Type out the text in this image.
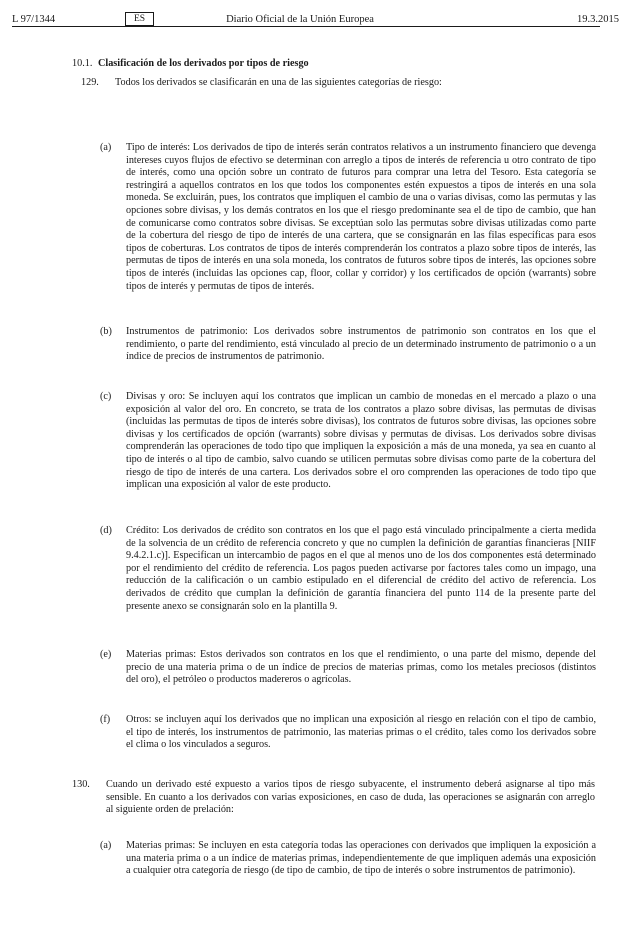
L 97/1344	ES	Diario Oficial de la Unión Europea	19.3.2015
10.1. Clasificación de los derivados por tipos de riesgo
129. Todos los derivados se clasificarán en una de las siguientes categorías de riesgo:
(a) Tipo de interés: Los derivados de tipo de interés serán contratos relativos a un instrumento financiero que devenga intereses cuyos flujos de efectivo se determinan con arreglo a tipos de interés de referencia u otro contrato de tipo de interés, como una opción sobre un contrato de futuros para comprar una letra del Tesoro. Esta categoría se restringirá a aquellos contratos en los que todos los componentes estén expuestos a tipos de interés en una sola moneda. Se excluirán, pues, los contratos que impliquen el cambio de una o varias divisas, como las permutas y las opciones sobre divisas, y los demás contratos en los que el riesgo predominante sea el de tipo de cambio, que han de comunicarse como contratos sobre divisas. Se exceptúan solo las permutas sobre divisas utilizadas como parte de la cobertura del riesgo de tipo de interés de una cartera, que se consignarán en las filas específicas para esos tipos de coberturas. Los contratos de tipos de interés comprenderán los contratos a plazo sobre tipos de interés, las permutas de tipos de interés en una sola moneda, los contratos de futuros sobre tipos de interés, las opciones sobre tipos de interés (incluidas las opciones cap, floor, collar y corridor) y los certificados de opción (warrants) sobre tipos de interés y permutas de tipos de interés.
(b) Instrumentos de patrimonio: Los derivados sobre instrumentos de patrimonio son contratos en los que el rendimiento, o parte del rendimiento, está vinculado al precio de un determinado instrumento de patrimonio o a un índice de precios de instrumentos de patrimonio.
(c) Divisas y oro: Se incluyen aquí los contratos que implican un cambio de monedas en el mercado a plazo o una exposición al valor del oro. En concreto, se trata de los contratos a plazo sobre divisas, las permutas de divisas (incluidas las permutas de tipos de interés sobre divisas), los contratos de futuros sobre divisas, las opciones sobre divisas y los certificados de opción (warrants) sobre divisas y permutas de divisas. Los derivados sobre divisas comprenderán las operaciones de todo tipo que impliquen la exposición a más de una moneda, ya sea en cuanto al tipo de interés o al tipo de cambio, salvo cuando se utilicen permutas sobre divisas como parte de la cobertura del riesgo de tipo de interés de una cartera. Los derivados sobre el oro comprenden las operaciones de todo tipo que implican una exposición al valor de este producto.
(d) Crédito: Los derivados de crédito son contratos en los que el pago está vinculado principalmente a cierta medida de la solvencia de un crédito de referencia concreto y que no cumplen la definición de garantías financieras [NIIF 9.4.2.1.c)]. Especifican un intercambio de pagos en el que al menos uno de los dos componentes está determinado por el rendimiento del crédito de referencia. Los pagos pueden activarse por factores tales como un impago, una reducción de la calificación o un cambio estipulado en el diferencial de crédito del activo de referencia. Los derivados de crédito que cumplan la definición de garantía financiera del punto 114 de la presente parte del presente anexo se consignarán solo en la plantilla 9.
(e) Materias primas: Estos derivados son contratos en los que el rendimiento, o una parte del mismo, depende del precio de una materia prima o de un índice de precios de materias primas, como los metales preciosos (distintos del oro), el petróleo o productos madereros o agrícolas.
(f) Otros: se incluyen aquí los derivados que no implican una exposición al riesgo en relación con el tipo de cambio, el tipo de interés, los instrumentos de patrimonio, las materias primas o el crédito, tales como los derivados sobre el clima o los vinculados a seguros.
130. Cuando un derivado esté expuesto a varios tipos de riesgo subyacente, el instrumento deberá asignarse al tipo más sensible. En cuanto a los derivados con varias exposiciones, en caso de duda, las operaciones se asignarán con arreglo al siguiente orden de prelación:
(a) Materias primas: Se incluyen en esta categoría todas las operaciones con derivados que impliquen la exposición a una materia prima o a un índice de materias primas, independientemente de que impliquen además una exposición a cualquier otra categoría de riesgo (de tipo de cambio, de tipo de interés o sobre instrumentos de patrimonio).
